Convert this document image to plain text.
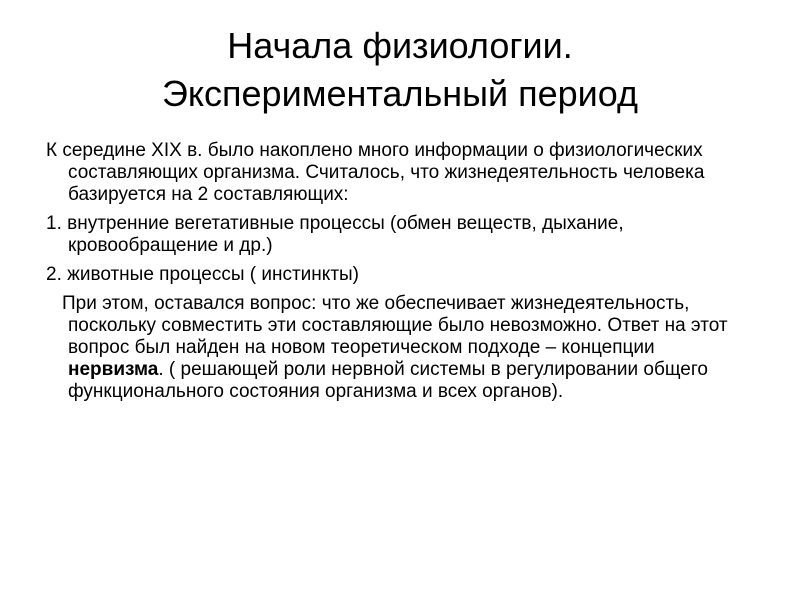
Начала физиологии.
Экспериментальный период

К середине XIX в. было накоплено много информации о физиологических составляющих организма. Считалось, что жизнедеятельность человека базируется на 2 составляющих:

1. внутренние вегетативные процессы (обмен веществ, дыхание, кровообращение и др.)

2. животные процессы ( инстинкты)

При этом, оставался вопрос: что же обеспечивает жизнедеятельность, поскольку совместить эти составляющие было невозможно. Ответ на этот вопрос был найден на новом теоретическом подходе – концепции нервизма. ( решающей роли нервной системы в регулировании общего функционального состояния организма и всех органов).
